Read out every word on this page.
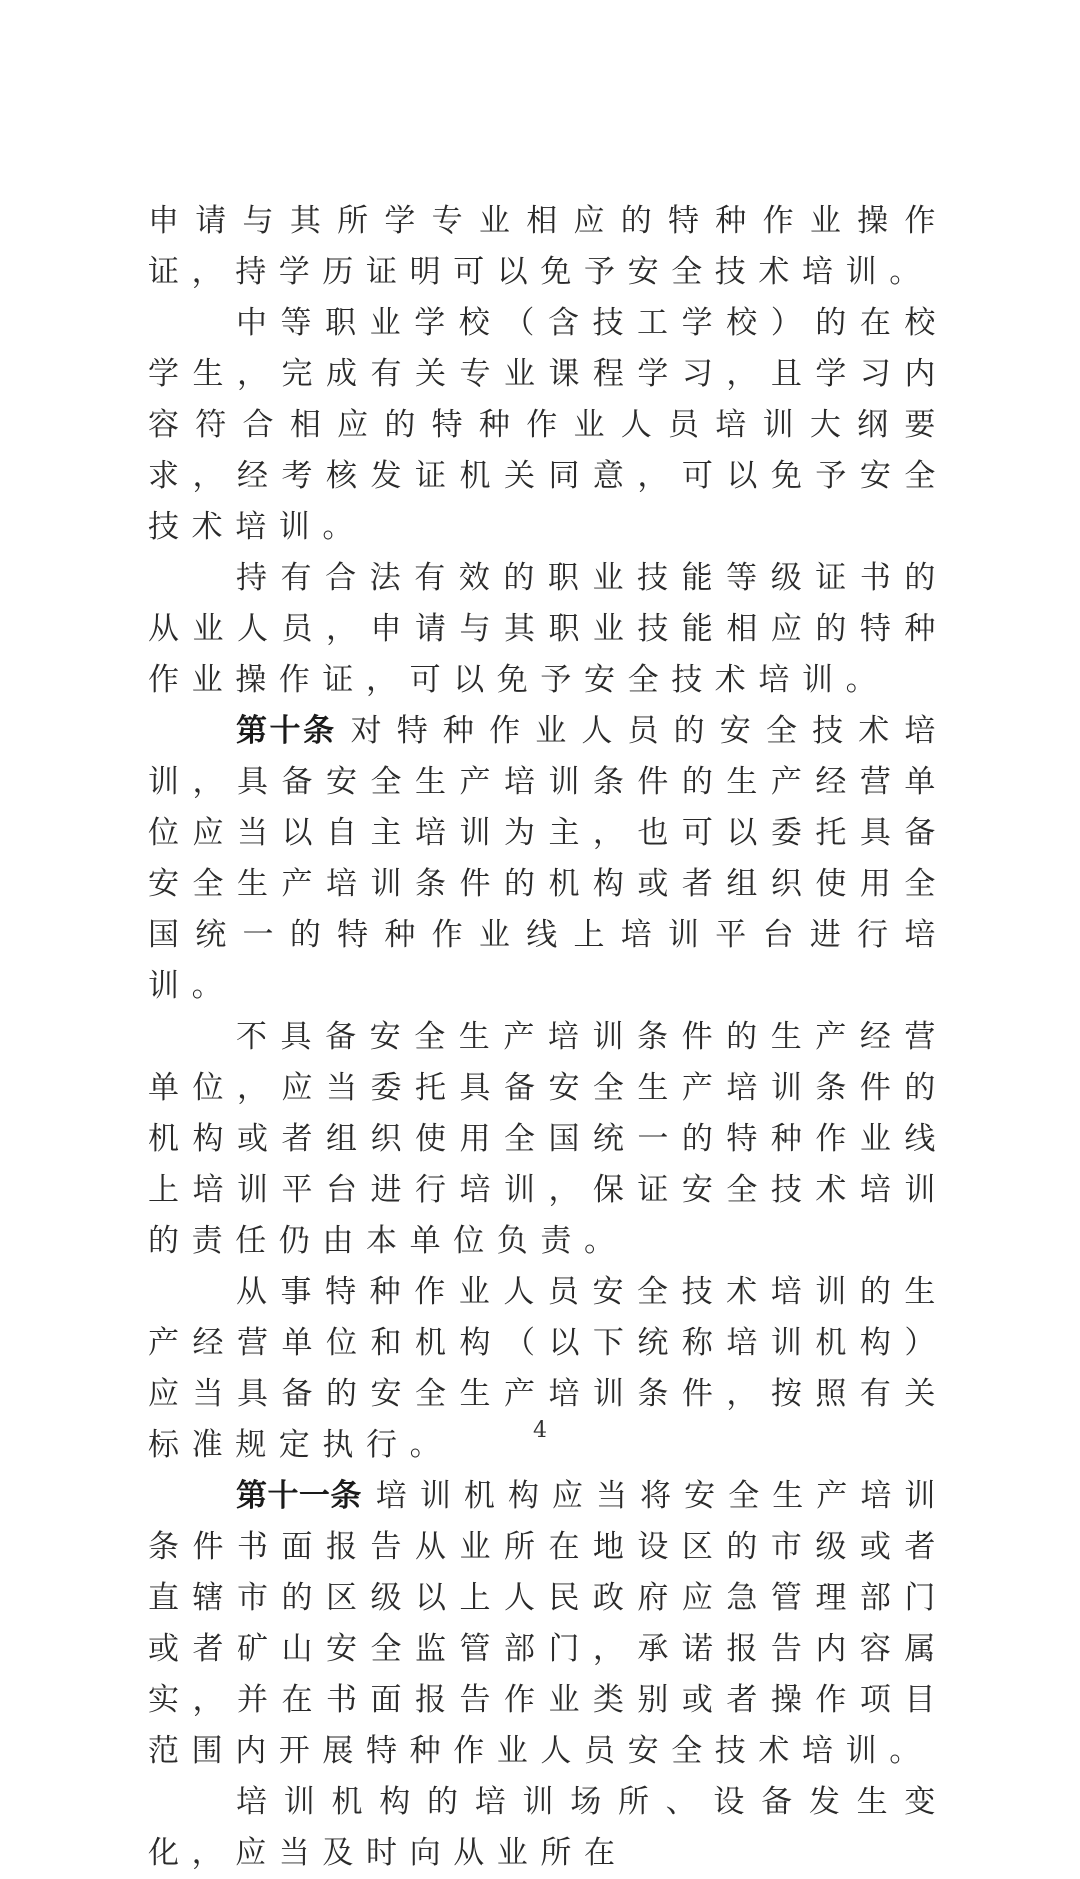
申请与其所学专业相应的特种作业操作证，持学历证明可以免予安全技术培训。

中等职业学校（含技工学校）的在校学生，完成有关专业课程学习，且学习内容符合相应的特种作业人员培训大纲要求，经考核发证机关同意，可以免予安全技术培训。

持有合法有效的职业技能等级证书的从业人员，申请与其职业技能相应的特种作业操作证，可以免予安全技术培训。

第十条 对特种作业人员的安全技术培训，具备安全生产培训条件的生产经营单位应当以自主培训为主，也可以委托具备安全生产培训条件的机构或者组织使用全国统一的特种作业线上培训平台进行培训。

不具备安全生产培训条件的生产经营单位，应当委托具备安全生产培训条件的机构或者组织使用全国统一的特种作业线上培训平台进行培训，保证安全技术培训的责任仍由本单位负责。

从事特种作业人员安全技术培训的生产经营单位和机构（以下统称培训机构）应当具备的安全生产培训条件，按照有关标准规定执行。

第十一条 培训机构应当将安全生产培训条件书面报告从业所在地设区的市级或者直辖市的区级以上人民政府应急管理部门或者矿山安全监管部门，承诺报告内容属实，并在书面报告作业类别或者操作项目范围内开展特种作业人员安全技术培训。

培训机构的培训场所、设备发生变化，应当及时向从业所在

4
